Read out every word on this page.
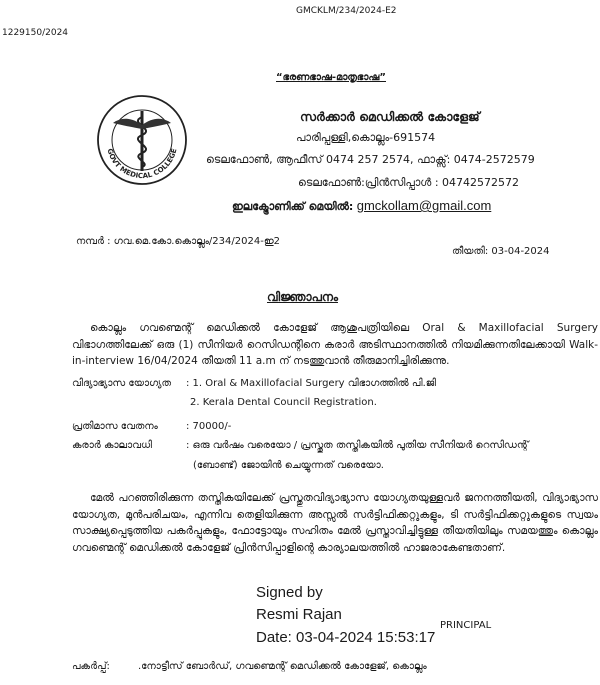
GMCKLM/234/2024-E2
1229150/2024
“ഭരണഭാഷ-മാതൃഭാഷ”
GOVT MEDICAL COLLEGE
സർക്കാർ മെഡിക്കൽ കോളേജ്
പാരിപ്പള്ളി,കൊല്ലം-691574
ടെലഫോൺ, ആഫീസ് 0474 257 2574, ഫാക്സ്: 0474-2572579
ടെലഫോൺ:പ്രിൻസിപ്പാൾ : 04742572572
ഇലക്ട്രോണിക്ക് മെയിൽ: gmckollam@gmail.com
നമ്പർ : ഗവ.മെ.കോ.കൊല്ലം/234/2024-ഇ2
തീയതി: 03-04-2024
വിജ്ഞാപനം
കൊല്ലം ഗവണ്മെന്റ് മെഡിക്കൽ കോളേജ് ആശുപത്രിയിലെ Oral & Maxillofacial Surgery വിഭാഗത്തിലേക്ക് ഒരു (1) സീനിയർ റെസിഡന്റിനെ കരാർ അടിസ്ഥാനത്തിൽ നിയമിക്കുന്നതിലേക്കായി Walk-in-interview 16/04/2024 തീയതി 11 a.m ന് നടത്തുവാൻ തീരുമാനിച്ചിരിക്കുന്നു.
വിദ്യാഭ്യാസ യോഗ്യത : 1. Oral & Maxillofacial Surgery വിഭാഗത്തിൽ പി.ജി
2. Kerala Dental Council Registration.
പ്രതിമാസ വേതനം	: 70000/-
കരാർ കാലാവധി	: ഒരു വർഷം വരെയോ / പ്രസ്തുത തസ്തികയിൽ പുതിയ സീനിയർ റെസിഡന്റ്
(ബോണ്ട്) ജോയിൻ ചെയ്യുന്നത് വരെയോ.
മേൽ പറഞ്ഞിരിക്കുന്ന തസ്തികയിലേക്ക് പ്രസ്തുതവിദ്യാഭ്യാസ യോഗ്യതയുള്ളവർ ജനനത്തീയതി, വിദ്യാഭ്യാസ യോഗ്യത, മുൻപരിചയം, എന്നിവ തെളിയിക്കുന്ന അസ്സൽ സർട്ടിഫിക്കറ്റുകളും, ടി സർട്ടിഫിക്കറ്റുകളുടെ സ്വയം സാക്ഷ്യപ്പെടുത്തിയ പകർപ്പുകളും, ഫോട്ടോയും സഹിതം മേൽ പ്രസ്താവിച്ചിട്ടുള്ള തീയതിയിലും സമയത്തും കൊല്ലം ഗവണ്മെന്റ് മെഡിക്കൽ കോളേജ് പ്രിൻസിപ്പാളിന്റെ കാര്യാലയത്തിൽ ഹാജരാകേണ്ടതാണ്.
Signed by
Resmi Rajan
Date: 03-04-2024 15:53:17
PRINCIPAL
പകർപ്പ്:	.നോട്ടീസ് ബോർഡ്, ഗവണ്മെന്റ് മെഡിക്കൽ കോളേജ്, കൊല്ലം
